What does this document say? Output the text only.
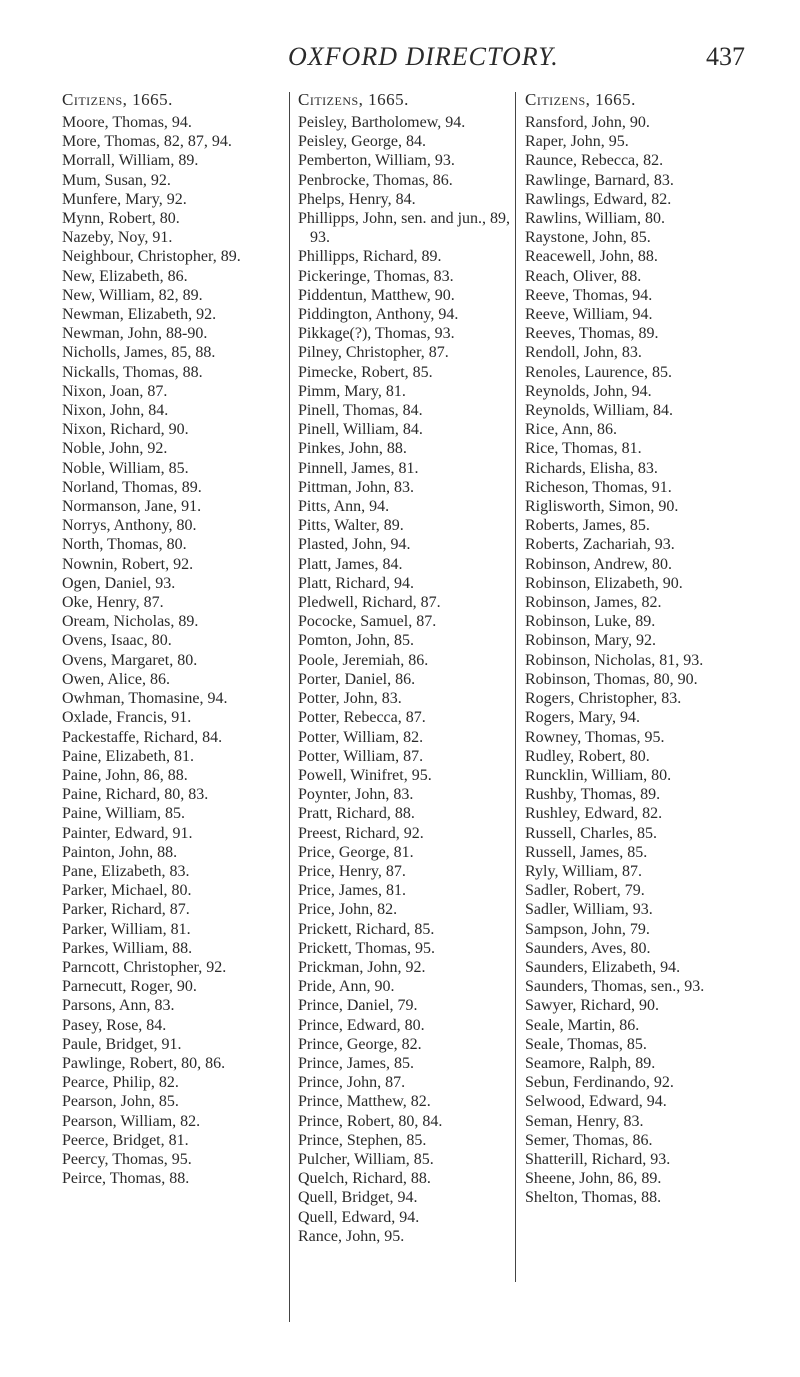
OXFORD DIRECTORY.	437
Citizens, 1665.
Moore, Thomas, 94.
More, Thomas, 82, 87, 94.
Morrall, William, 89.
Mum, Susan, 92.
Munfere, Mary, 92.
Mynn, Robert, 80.
Nazeby, Noy, 91.
Neighbour, Christopher, 89.
New, Elizabeth, 86.
New, William, 82, 89.
Newman, Elizabeth, 92.
Newman, John, 88-90.
Nicholls, James, 85, 88.
Nickalls, Thomas, 88.
Nixon, Joan, 87.
Nixon, John, 84.
Nixon, Richard, 90.
Noble, John, 92.
Noble, William, 85.
Norland, Thomas, 89.
Normanson, Jane, 91.
Norrys, Anthony, 80.
North, Thomas, 80.
Nownin, Robert, 92.
Ogen, Daniel, 93.
Oke, Henry, 87.
Oream, Nicholas, 89.
Ovens, Isaac, 80.
Ovens, Margaret, 80.
Owen, Alice, 86.
Owhman, Thomasine, 94.
Oxlade, Francis, 91.
Packestaffe, Richard, 84.
Paine, Elizabeth, 81.
Paine, John, 86, 88.
Paine, Richard, 80, 83.
Paine, William, 85.
Painter, Edward, 91.
Painton, John, 88.
Pane, Elizabeth, 83.
Parker, Michael, 80.
Parker, Richard, 87.
Parker, William, 81.
Parkes, William, 88.
Parncott, Christopher, 92.
Parnecutt, Roger, 90.
Parsons, Ann, 83.
Pasey, Rose, 84.
Paule, Bridget, 91.
Pawlinge, Robert, 80, 86.
Pearce, Philip, 82.
Pearson, John, 85.
Pearson, William, 82.
Peerce, Bridget, 81.
Peercy, Thomas, 95.
Peirce, Thomas, 88.
Citizens, 1665.
Peisley, Bartholomew, 94.
Peisley, George, 84.
Pemberton, William, 93.
Penbrocke, Thomas, 86.
Phelps, Henry, 84.
Phillipps, John, sen. and jun., 89, 93.
Phillipps, Richard, 89.
Pickeringe, Thomas, 83.
Piddentun, Matthew, 90.
Piddington, Anthony, 94.
Pikkage(?), Thomas, 93.
Pilney, Christopher, 87.
Pimecke, Robert, 85.
Pimm, Mary, 81.
Pinell, Thomas, 84.
Pinell, William, 84.
Pinkes, John, 88.
Pinnell, James, 81.
Pittman, John, 83.
Pitts, Ann, 94.
Pitts, Walter, 89.
Plasted, John, 94.
Platt, James, 84.
Platt, Richard, 94.
Pledwell, Richard, 87.
Pococke, Samuel, 87.
Pomton, John, 85.
Poole, Jeremiah, 86.
Porter, Daniel, 86.
Potter, John, 83.
Potter, Rebecca, 87.
Potter, William, 82.
Potter, William, 87.
Powell, Winifret, 95.
Poynter, John, 83.
Pratt, Richard, 88.
Preest, Richard, 92.
Price, George, 81.
Price, Henry, 87.
Price, James, 81.
Price, John, 82.
Prickett, Richard, 85.
Prickett, Thomas, 95.
Prickman, John, 92.
Pride, Ann, 90.
Prince, Daniel, 79.
Prince, Edward, 80.
Prince, George, 82.
Prince, James, 85.
Prince, John, 87.
Prince, Matthew, 82.
Prince, Robert, 80, 84.
Prince, Stephen, 85.
Pulcher, William, 85.
Quelch, Richard, 88.
Quell, Bridget, 94.
Quell, Edward, 94.
Rance, John, 95.
Citizens, 1665.
Ransford, John, 90.
Raper, John, 95.
Raunce, Rebecca, 82.
Rawlinge, Barnard, 83.
Rawlings, Edward, 82.
Rawlins, William, 80.
Raystone, John, 85.
Reacewell, John, 88.
Reach, Oliver, 88.
Reeve, Thomas, 94.
Reeve, William, 94.
Reeves, Thomas, 89.
Rendoll, John, 83.
Renoles, Laurence, 85.
Reynolds, John, 94.
Reynolds, William, 84.
Rice, Ann, 86.
Rice, Thomas, 81.
Richards, Elisha, 83.
Richeson, Thomas, 91.
Riglisworth, Simon, 90.
Roberts, James, 85.
Roberts, Zachariah, 93.
Robinson, Andrew, 80.
Robinson, Elizabeth, 90.
Robinson, James, 82.
Robinson, Luke, 89.
Robinson, Mary, 92.
Robinson, Nicholas, 81, 93.
Robinson, Thomas, 80, 90.
Rogers, Christopher, 83.
Rogers, Mary, 94.
Rowney, Thomas, 95.
Rudley, Robert, 80.
Runcklin, William, 80.
Rushby, Thomas, 89.
Rushley, Edward, 82.
Russell, Charles, 85.
Russell, James, 85.
Ryly, William, 87.
Sadler, Robert, 79.
Sadler, William, 93.
Sampson, John, 79.
Saunders, Aves, 80.
Saunders, Elizabeth, 94.
Saunders, Thomas, sen., 93.
Sawyer, Richard, 90.
Seale, Martin, 86.
Seale, Thomas, 85.
Seamore, Ralph, 89.
Sebun, Ferdinando, 92.
Selwood, Edward, 94.
Seman, Henry, 83.
Semer, Thomas, 86.
Shatterill, Richard, 93.
Sheene, John, 86, 89.
Shelton, Thomas, 88.
